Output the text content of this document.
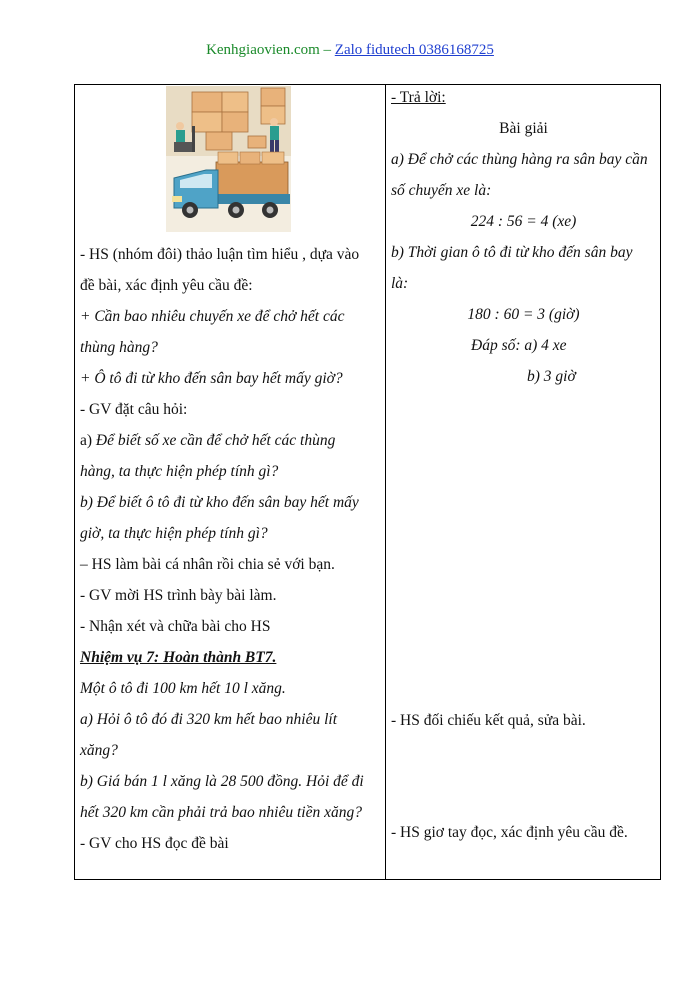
Kenhgiaovien.com – Zalo fidutech 0386168725
- HS (nhóm đôi) thảo luận tìm hiểu , dựa vào
đề bài, xác định yêu cầu đề:
+ Cần bao nhiêu chuyến xe để chở hết các
thùng hàng?
+ Ô tô đi từ kho đến sân bay hết mấy giờ?
- GV đặt câu hỏi:
a) Để biết số xe cần để chở hết các thùng
hàng, ta thực hiện phép tính gì?
b) Để biết ô tô đi từ kho đến sân bay hết mấy
giờ, ta thực hiện phép tính gì?
– HS làm bài cá nhân rồi chia sẻ với bạn.
- GV mời HS trình bày bài làm.
- Nhận xét và chữa bài cho HS
Nhiệm vụ 7: Hoàn thành BT7.
Một ô tô đi 100 km hết 10 l xăng.
a) Hỏi ô tô đó đi 320 km hết bao nhiêu lít
xăng?
b) Giá bán 1 l xăng là 28 500 đồng. Hỏi để đi
hết 320 km cần phải trả bao nhiêu tiền xăng?
- GV cho HS đọc đề bài
- Trả lời:
Bài giải
a) Để chở các thùng hàng ra sân bay cần
số chuyến xe là:
224 : 56 = 4 (xe)
b) Thời gian ô tô đi từ kho đến sân bay
là:
180 : 60 = 3 (giờ)
Đáp số: a) 4 xe
b) 3 giờ
- HS đối chiếu kết quả, sửa bài.
- HS giơ tay đọc, xác định yêu cầu đề.
